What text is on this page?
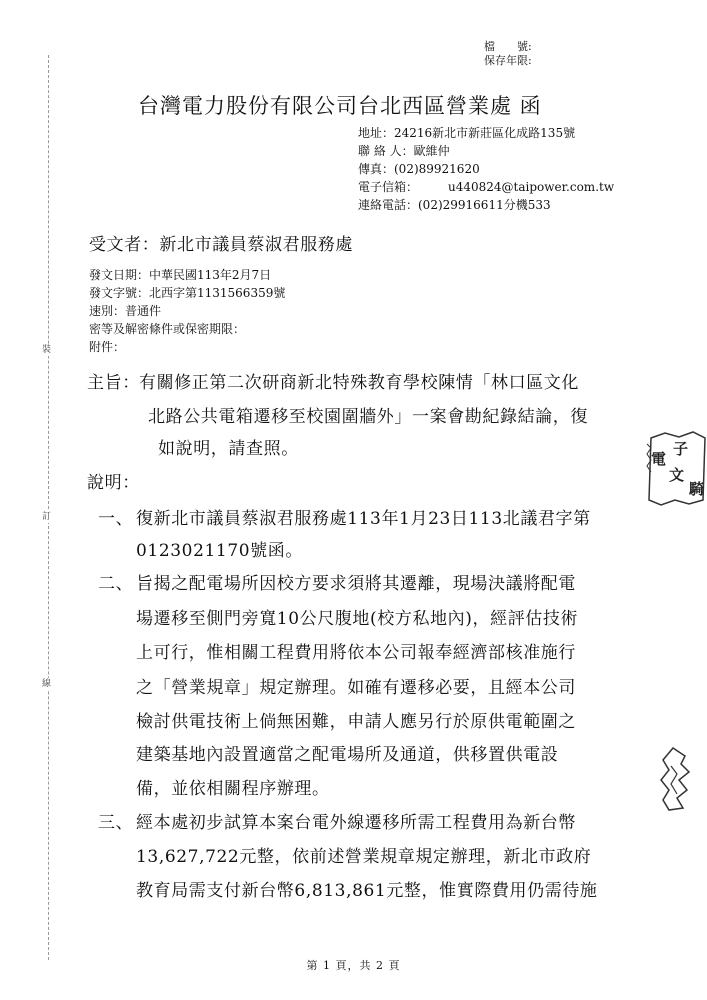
裝
訂
線
檔　　號:
保存年限:
台灣電力股份有限公司台北西區營業處 函
地址：24216新北市新莊區化成路135號
聯 絡 人：歐維仲
傳真：(02)89921620
電子信箱：　　　u440824@taipower.com.tw
連絡電話：(02)29916611分機533
受文者：新北市議員蔡淑君服務處
發文日期：中華民國113年2月7日
發文字號：北西字第1131566359號
速別：普通件
密等及解密條件或保密期限：
附件：
主旨： 有關修正第二次研商新北特殊教育學校陳情「林口區文化
北路公共電箱遷移至校園圍牆外」一案會勘紀錄結論，復
如說明，請查照。
說明：
一、 復新北市議員蔡淑君服務處113年1月23日113北議君字第
0123021170號函。
二、 旨揭之配電場所因校方要求須將其遷離，現場決議將配電
場遷移至側門旁寬10公尺腹地(校方私地內)，經評估技術
上可行，惟相關工程費用將依本公司報奉經濟部核准施行
之「營業規章」規定辦理。如確有遷移必要，且經本公司
檢討供電技術上倘無困難，申請人應另行於原供電範圍之
建築基地內設置適當之配電場所及通道，供移置供電設
備，並依相關程序辦理。
三、 經本處初步試算本案台電外線遷移所需工程費用為新台幣
13,627,722元整，依前述營業規章規定辦理，新北市政府
教育局需支付新台幣6,813,861元整，惟實際費用仍需待施
子
文
電
騎
第 1 頁，共 2 頁
